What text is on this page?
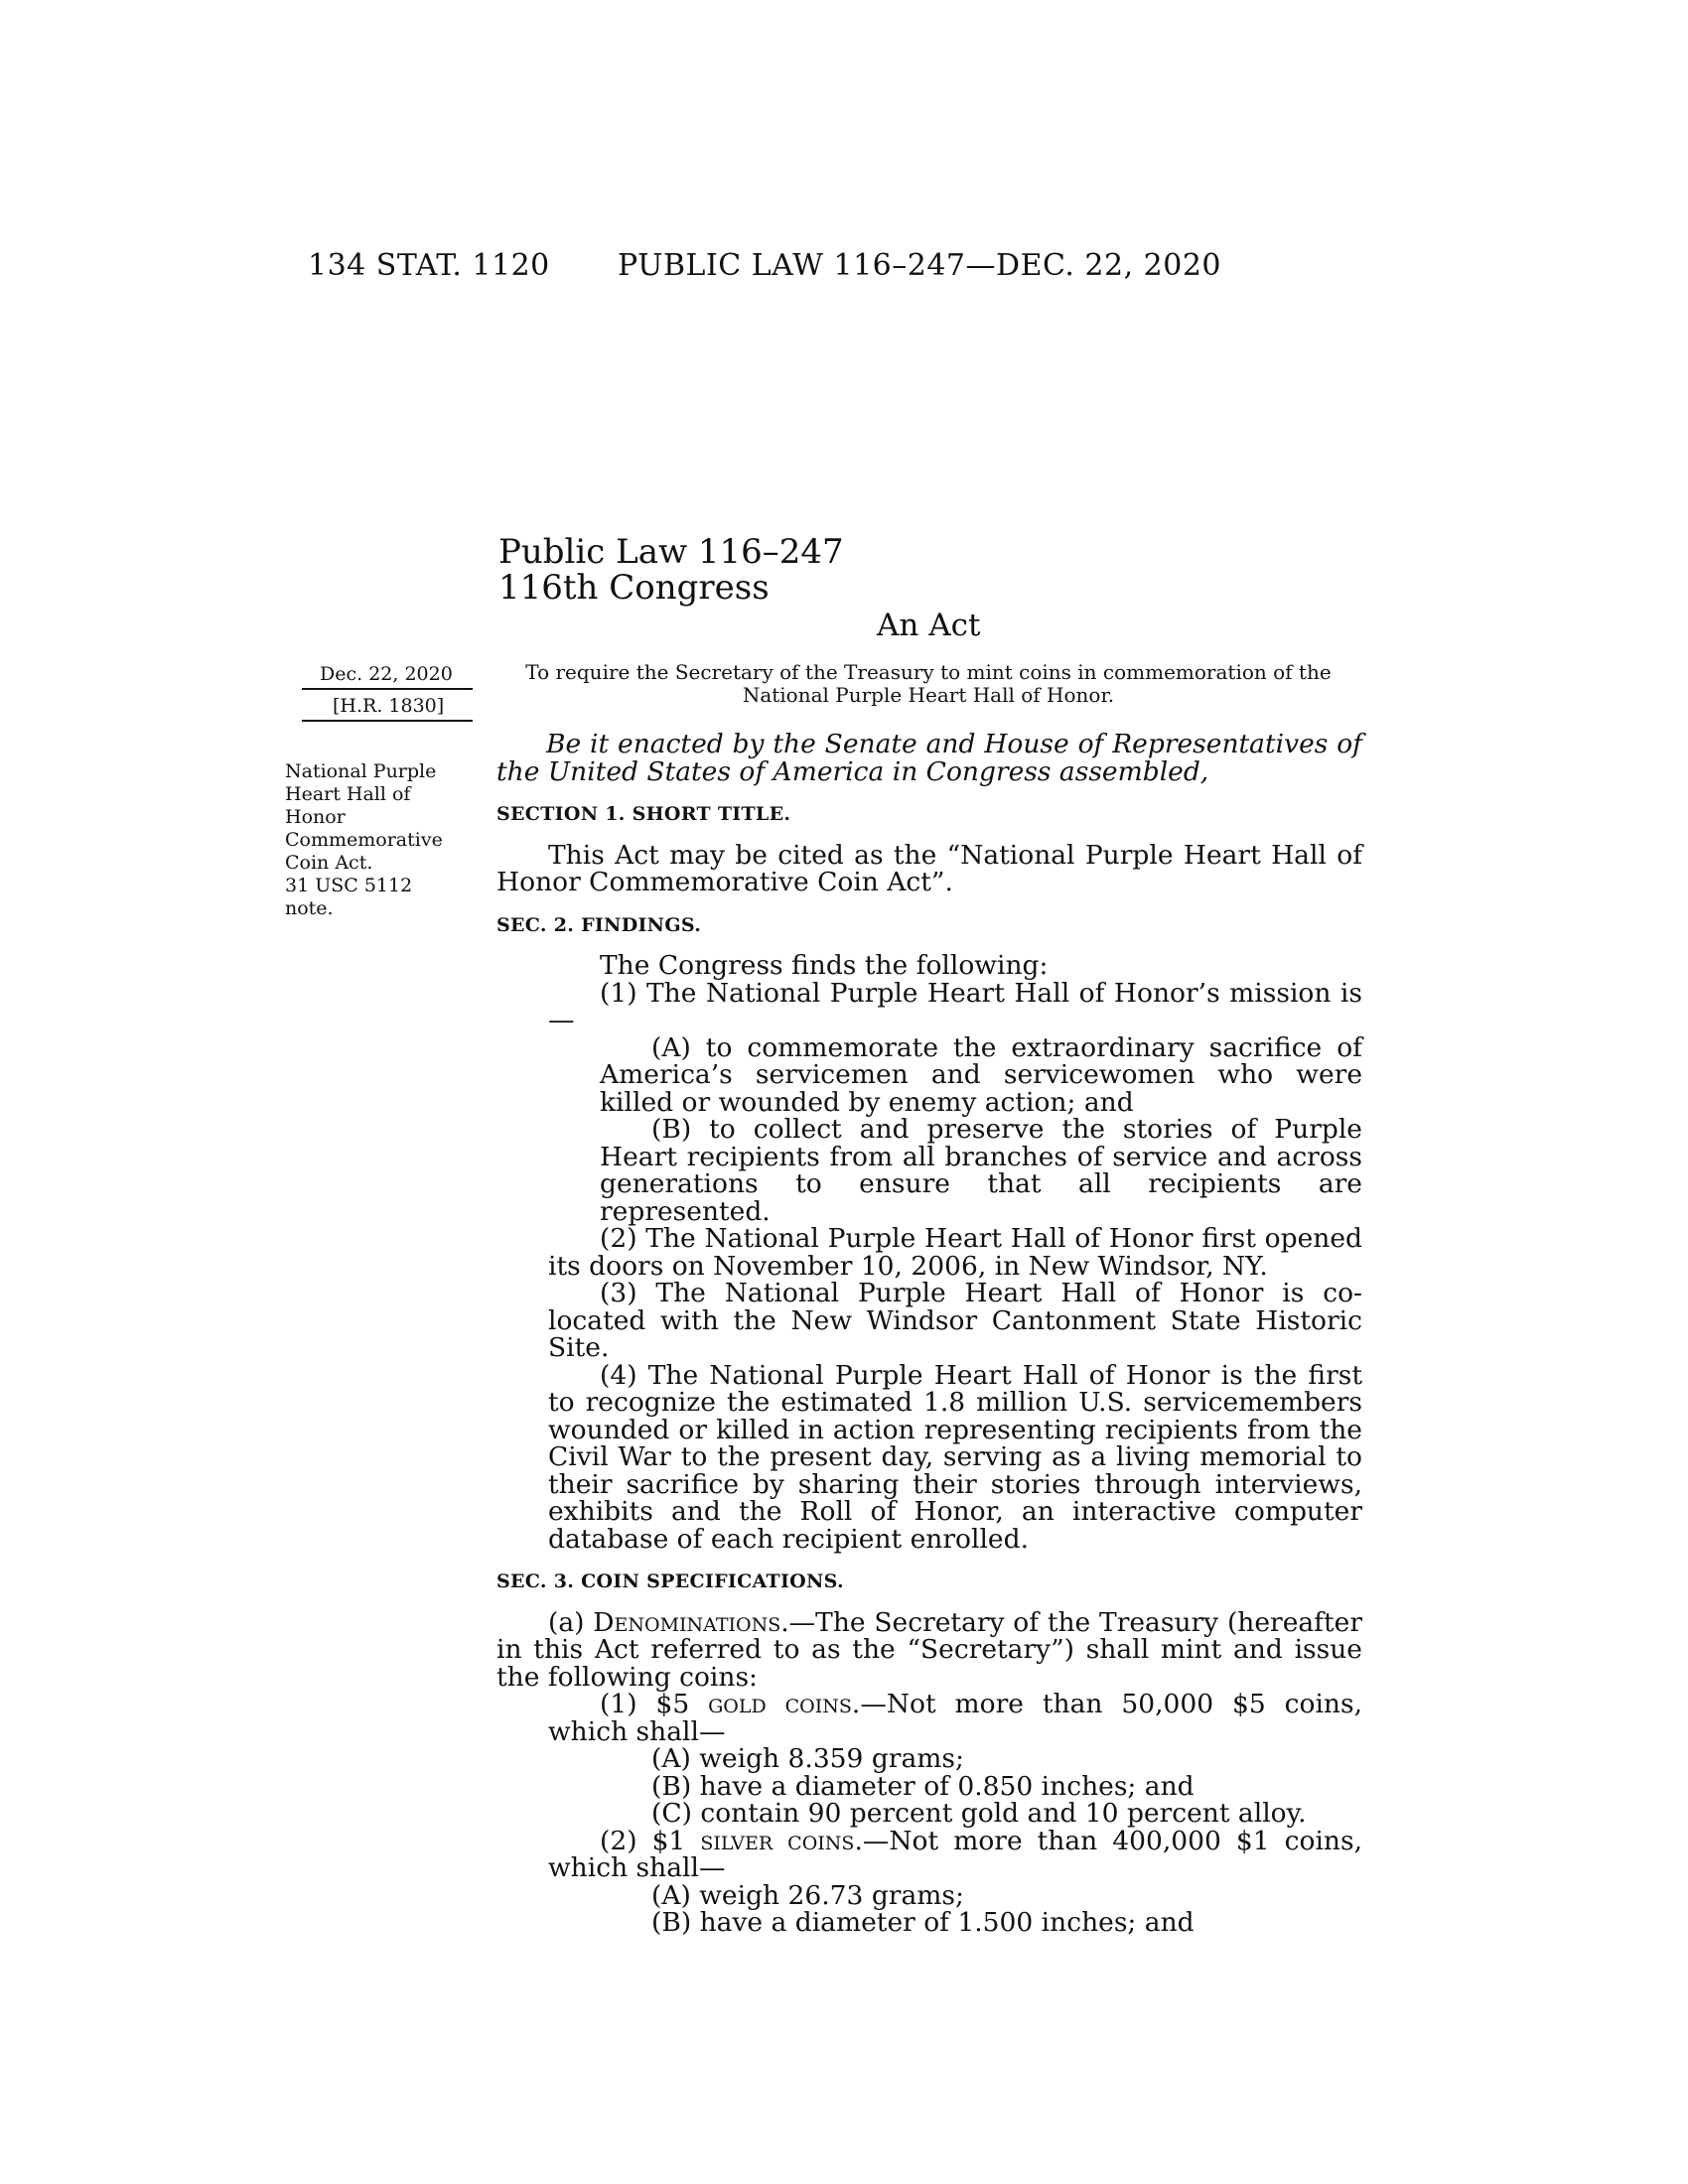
134 STAT. 1120 PUBLIC LAW 116–247—DEC. 22, 2020
Public Law 116–247
116th Congress
An Act
Dec. 22, 2020
[H.R. 1830]
National Purple
Heart Hall of
Honor
Commemorative
Coin Act.
31 USC 5112
note.
To require the Secretary of the Treasury to mint coins in commemoration of the
National Purple Heart Hall of Honor.

Be it enacted by the Senate and House of Representatives of the United States of America in Congress assembled,

SECTION 1. SHORT TITLE.

This Act may be cited as the “National Purple Heart Hall of Honor Commemorative Coin Act”.

SEC. 2. FINDINGS.

The Congress finds the following:

(1) The National Purple Heart Hall of Honor’s mission is—

(A) to commemorate the extraordinary sacrifice of America’s servicemen and servicewomen who were killed or wounded by enemy action; and

(B) to collect and preserve the stories of Purple Heart recipients from all branches of service and across generations to ensure that all recipients are represented.

(2) The National Purple Heart Hall of Honor first opened its doors on November 10, 2006, in New Windsor, NY.

(3) The National Purple Heart Hall of Honor is co-located with the New Windsor Cantonment State Historic Site.

(4) The National Purple Heart Hall of Honor is the first to recognize the estimated 1.8 million U.S. servicemembers wounded or killed in action representing recipients from the Civil War to the present day, serving as a living memorial to their sacrifice by sharing their stories through interviews, exhibits and the Roll of Honor, an interactive computer database of each recipient enrolled.

SEC. 3. COIN SPECIFICATIONS.

(a) Denominations.—The Secretary of the Treasury (hereafter in this Act referred to as the “Secretary”) shall mint and issue the following coins:

(1) $5 gold coins.—Not more than 50,000 $5 coins, which shall—

(A) weigh 8.359 grams;

(B) have a diameter of 0.850 inches; and

(C) contain 90 percent gold and 10 percent alloy.

(2) $1 silver coins.—Not more than 400,000 $1 coins, which shall—

(A) weigh 26.73 grams;

(B) have a diameter of 1.500 inches; and
